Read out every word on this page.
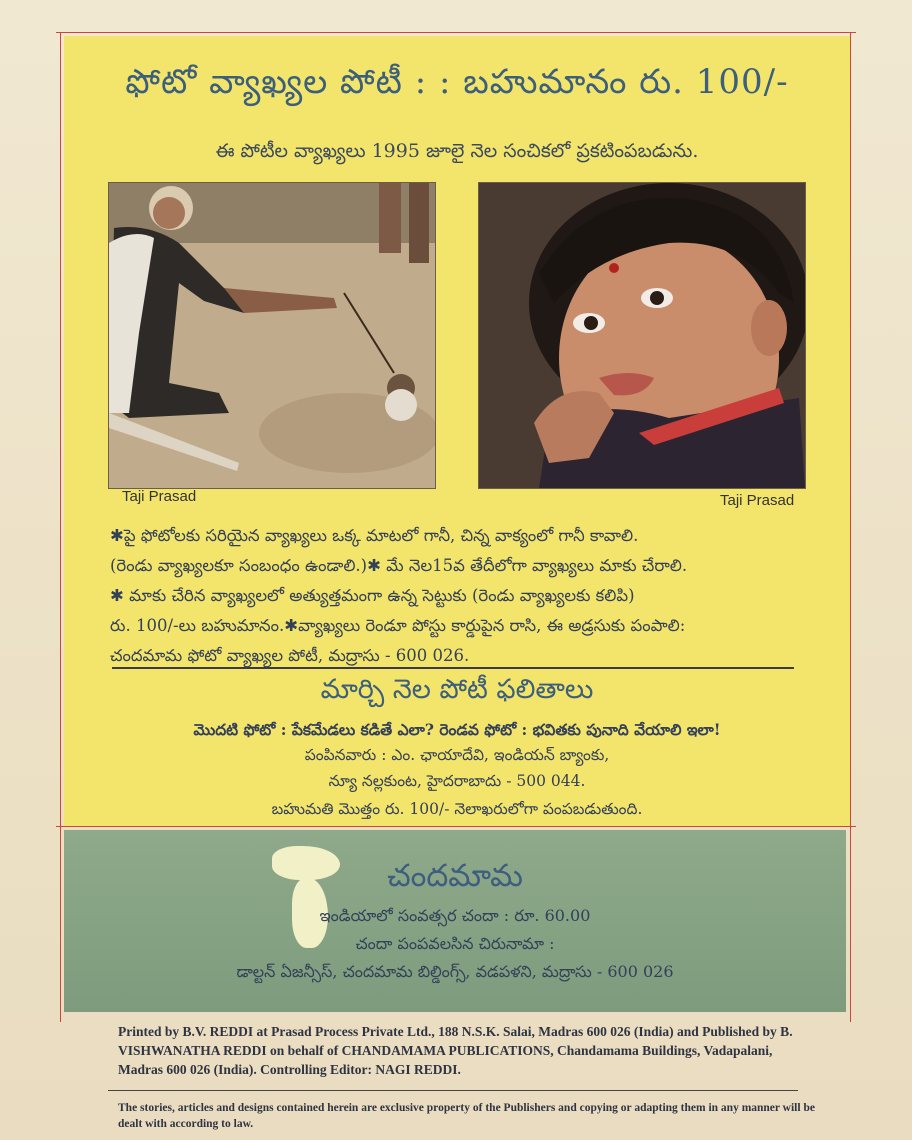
ఫోటో వ్యాఖ్యల పోటీ : : బహుమానం రు. 100/-
ఈ పోటీల వ్యాఖ్యలు 1995 జూలై నెల సంచికలో ప్రకటింపబడును.
Taji Prasad	Taji Prasad
✱పై ఫోటోలకు సరియైన వ్యాఖ్యలు ఒక్క మాటలో గానీ, చిన్న వాక్యంలో గానీ కావాలి.
(రెండు వ్యాఖ్యలకూ సంబంధం ఉండాలి.)✱ మే నెల15వ తేదీలోగా వ్యాఖ్యలు మాకు చేరాలి.
✱ మాకు చేరిన వ్యాఖ్యలలో అత్యుత్తమంగా ఉన్న సెట్టుకు (రెండు వ్యాఖ్యలకు కలిపి)
రు. 100/-లు బహుమానం.✱వ్యాఖ్యలు రెండూ పోస్టు కార్డుపైన రాసి, ఈ అడ్రసుకు పంపాలి:
చందమామ ఫోటో వ్యాఖ్యల పోటీ, మద్రాసు - 600 026.
మార్చి నెల పోటీ ఫలితాలు
మొదటి ఫోటో : పేకమేడలు కడితే ఎలా? రెండవ ఫోటో : భవితకు పునాది వేయాలి ఇలా!
పంపినవారు : ఎం. ఛాయాదేవి, ఇండియన్ బ్యాంకు,
న్యూ నల్లకుంట, హైదరాబాదు - 500 044.
బహుమతి మొత్తం రు. 100/- నెలాఖరులోగా పంపబడుతుంది.
చందమామ
ఇండియాలో సంవత్సర చందా : రూ. 60.00
చందా పంపవలసిన చిరునామా :
డాల్టన్ ఏజన్సీస్, చందమామ బిల్డింగ్స్, వడపళని, మద్రాసు - 600 026
Printed by B.V. REDDI at Prasad Process Private Ltd., 188 N.S.K. Salai, Madras 600 026 (India) and Published by B. VISHWANATHA REDDI on behalf of CHANDAMAMA PUBLICATIONS, Chandamama Buildings, Vadapalani, Madras 600 026 (India). Controlling Editor: NAGI REDDI.
The stories, articles and designs contained herein are exclusive property of the Publishers and copying or adapting them in any manner will be dealt with according to law.
